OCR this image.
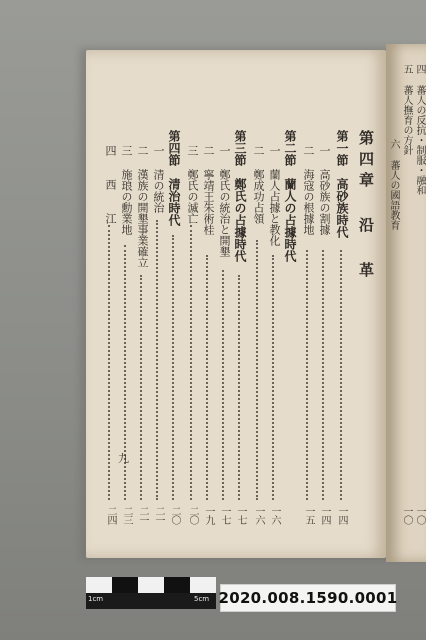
四 蕃人の反抗・制服・融和
五 蕃人撫育の方針
六 蕃人の國語教育
一〇
一〇
第四章 沿 革
第一節　高砂族時代
一四
一 高砂族の割據
一四
二 海寇の根據地
一五
第二節　蘭人の占據時代
一 蘭人占據と教化
一六
二 鄭成功占領
一六
第三節　鄭氏の占據時代
一七
一 鄭氏の統治と開墾
一七
二 寧靖王朱術桂
一九
三 鄭氏の滅亡
二〇
第四節　清治時代
二〇
一 清の統治
二一
二 漢族の開墾事業確立
二一
三 施琅の勳業地
二三
四 西 江
二四
九
1cm	5cm 2020.008.1590.0001
